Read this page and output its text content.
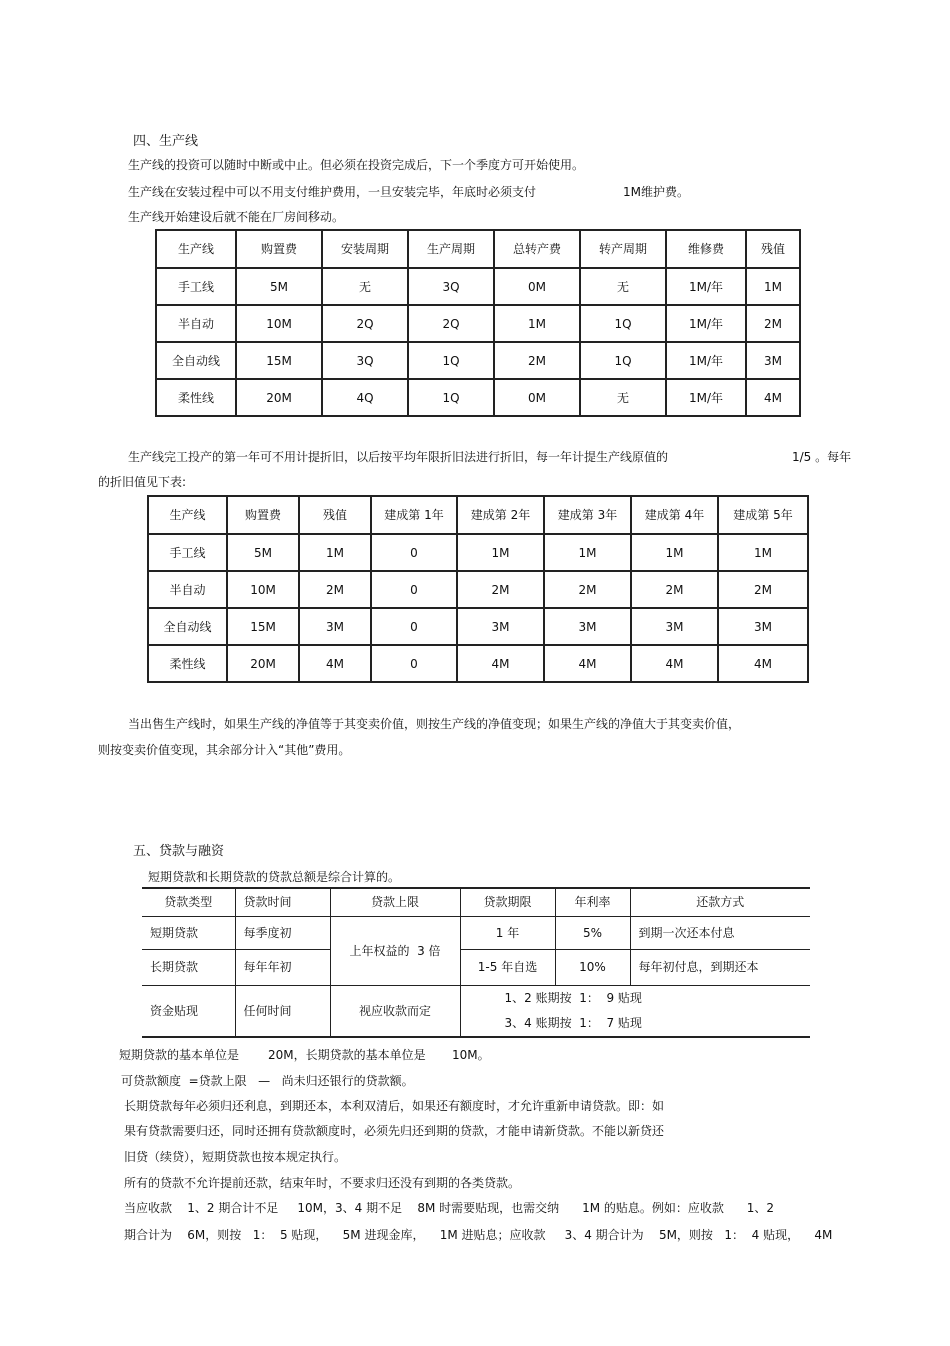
四、生产线
生产线的投资可以随时中断或中止。但必须在投资完成后，下一个季度方可开始使用。
生产线在安装过程中可以不用支付维护费用，一旦安装完毕，年底时必须支付	1M维护费。
生产线开始建设后就不能在厂房间移动。
生产线	购置费	安装周期	生产周期	总转产费	转产周期	维修费	残值
手工线	5M	无	3Q	0M	无	1M/年	1M
半自动	10M	2Q	2Q	1M	1Q	1M/年	2M
全自动线	15M	3Q	1Q	2M	1Q	1M/年	3M
柔性线	20M	4Q	1Q	0M	无	1M/年	4M
生产线完工投产的第一年可不用计提折旧，以后按平均年限折旧法进行折旧，每一年计提生产线原值的	1/5 。每年
的折旧值见下表:
生产线	购置费	残值	建成第 1年	建成第 2年	建成第 3年	建成第 4年	建成第 5年
手工线	5M	1M	0	1M	1M	1M	1M
半自动	10M	2M	0	2M	2M	2M	2M
全自动线	15M	3M	0	3M	3M	3M	3M
柔性线	20M	4M	0	4M	4M	4M	4M
当出售生产线时，如果生产线的净值等于其变卖价值，则按生产线的净值变现；如果生产线的净值大于其变卖价值，
则按变卖价值变现，其余部分计入“其他”费用。
五、贷款与融资
短期贷款和长期贷款的贷款总额是综合计算的。
贷款类型	贷款时间	贷款上限	贷款期限	年利率	还款方式
短期贷款	每季度初	上年权益的  3 倍	1 年	5%	到期一次还本付息
长期贷款	每年年初		1-5 年自选	10%	每年初付息，到期还本
资金贴现	任何时间	视应收款而定	1、2 账期按  1：  9 贴现
3、4 账期按  1：  7 贴现		
短期贷款的基本单位是 20M，长期贷款的基本单位是 10M。
可贷款额度  =贷款上限   —   尚未归还银行的贷款额。
长期贷款每年必须归还利息，到期还本，本利双清后，如果还有额度时，才允许重新申请贷款。即：如
果有贷款需要归还，同时还拥有贷款额度时，必须先归还到期的贷款，才能申请新贷款。不能以新贷还
旧贷（续贷），短期贷款也按本规定执行。
所有的贷款不允许提前还款，结束年时，不要求归还没有到期的各类贷款。
当应收款    1、2 期合计不足     10M，3、4 期不足    8M 时需要贴现，也需交纳      1M 的贴息。例如：应收款      1、2
期合计为    6M，则按   1：  5 贴现，    5M 进现金库，    1M 进贴息；应收款     3、4 期合计为    5M，则按   1：  4 贴现，    4M
